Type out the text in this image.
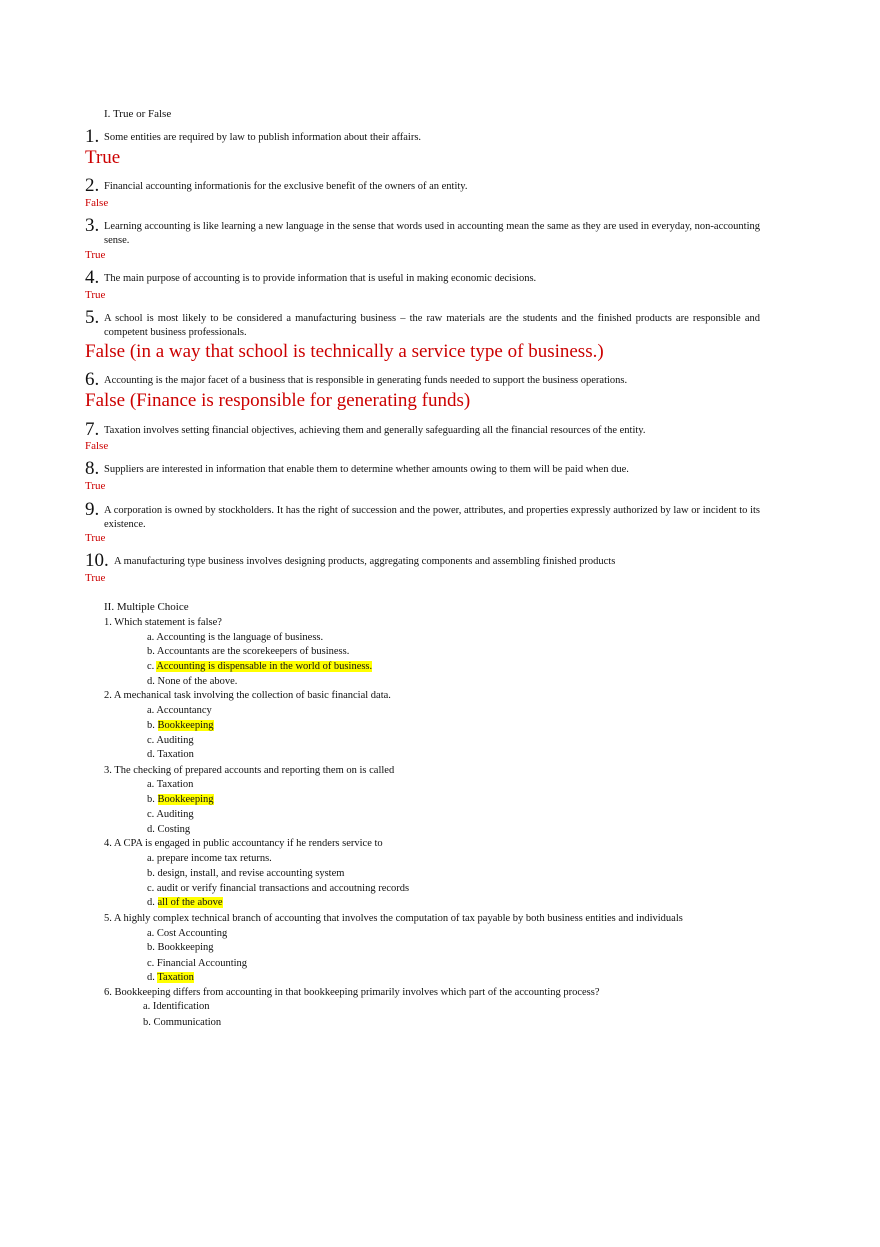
I. True or False
1. Some entities are required by law to publish information about their affairs.
True
2. Financial accounting informationis for the exclusive benefit of the owners of an entity.
False
3. Learning accounting is like learning a new language in the sense that words used in accounting mean the same as they are used in everyday, non-accounting sense.
True
4. The main purpose of accounting is to provide information that is useful in making economic decisions.
True
5. A school is most likely to be considered a manufacturing business – the raw materials are the students and the finished products are responsible and competent business professionals.
False (in a way that school is technically a service type of business.)
6. Accounting is the major facet of a business that is responsible in generating funds needed to support the business operations.
False (Finance is responsible for generating funds)
7. Taxation involves setting financial objectives, achieving them and generally safeguarding all the financial resources of the entity.
False
8. Suppliers are interested in information that enable them to determine whether amounts owing to them will be paid when due.
True
9. A corporation is owned by stockholders. It has the right of succession and the power, attributes, and properties expressly authorized by law or incident to its existence.
True
10. A manufacturing type business involves designing products, aggregating components and assembling finished products
True
II. Multiple Choice
1. Which statement is false?
a. Accounting is the language of business.
b. Accountants are the scorekeepers of business.
c. Accounting is dispensable in the world of business.
d. None of the above.
2. A mechanical task involving the collection of basic financial data.
a. Accountancy
b. Bookkeeping
c. Auditing
d. Taxation
3. The checking of prepared accounts and reporting them on is called
a. Taxation
b. Bookkeeping
c. Auditing
d. Costing
4. A CPA is engaged in public accountancy if he renders service to
a. prepare income tax returns.
b. design, install, and revise accounting system
c. audit or verify financial transactions and accoutning records
d. all of the above
5. A highly complex technical branch of accounting that involves the computation of tax payable by both business entities and individuals
a. Cost Accounting
b. Bookkeeping
c. Financial Accounting
d. Taxation
6. Bookkeeping differs from accounting in that bookkeeping primarily involves which part of the accounting process?
a. Identification
b. Communication
